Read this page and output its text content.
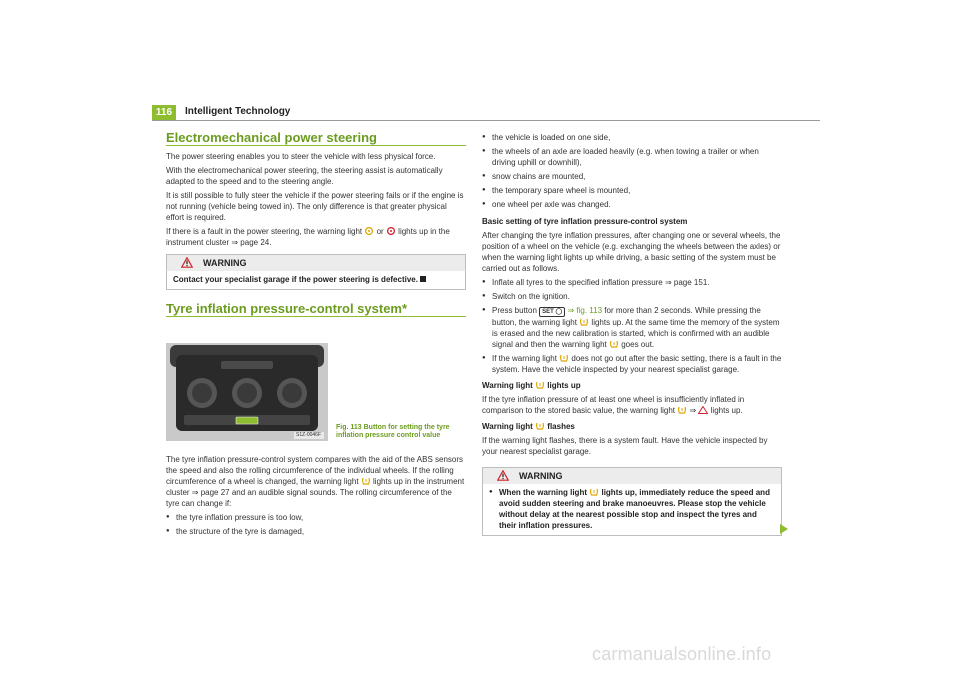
116	Intelligent Technology
Electromechanical power steering

The power steering enables you to steer the vehicle with less physical force.

With the electromechanical power steering, the steering assist is automatically adapted to the speed and to the steering angle.

It is still possible to fully steer the vehicle if the power steering fails or if the engine is not running (vehicle being towed in). The only difference is that greater physical effort is required.

If there is a fault in the power steering, the warning light or lights up in the instrument cluster ⇒ page 24.

WARNING
Contact your specialist garage if the power steering is defective.
Tyre inflation pressure-control system*
S1Z-0046F
Fig. 113 Button for setting the tyre inflation pressure control value

The tyre inflation pressure-control system compares with the aid of the ABS sensors the speed and also the rolling circumference of the individual wheels. If the rolling circumference of a wheel is changed, the warning light lights up in the instrument cluster ⇒ page 27 and an audible signal sounds. The rolling circumference of the tyre can change if:

● the tyre inflation pressure is too low,
● the structure of the tyre is damaged,
● the vehicle is loaded on one side,
● the wheels of an axle are loaded heavily (e.g. when towing a trailer or when driving uphill or downhill),
● snow chains are mounted,
● the temporary spare wheel is mounted,
● one wheel per axle was changed.

Basic setting of tyre inflation pressure-control system

After changing the tyre inflation pressures, after changing one or several wheels, the position of a wheel on the vehicle (e.g. exchanging the wheels between the axles) or when the warning light lights up while driving, a basic setting of the system must be carried out as follows.

● Inflate all tyres to the specified inflation pressure ⇒ page 151.
● Switch on the ignition.
● Press button SET ◯ ⇒ fig. 113 for more than 2 seconds. While pressing the button, the warning light lights up. At the same time the memory of the system is erased and the new calibration is started, which is confirmed with an audible signal and then the warning light goes out.
● If the warning light does not go out after the basic setting, there is a fault in the system. Have the vehicle inspected by your nearest specialist garage.

Warning light lights up

If the tyre inflation pressure of at least one wheel is insufficiently inflated in comparison to the stored basic value, the warning light ⇒ lights up.

Warning light flashes

If the warning light flashes, there is a system fault. Have the vehicle inspected by your nearest specialist garage.

WARNING
● When the warning light lights up, immediately reduce the speed and avoid sudden steering and brake manoeuvres. Please stop the vehicle without delay at the nearest possible stop and inspect the tyres and their inflation pressures.
carmanualsonline.info
